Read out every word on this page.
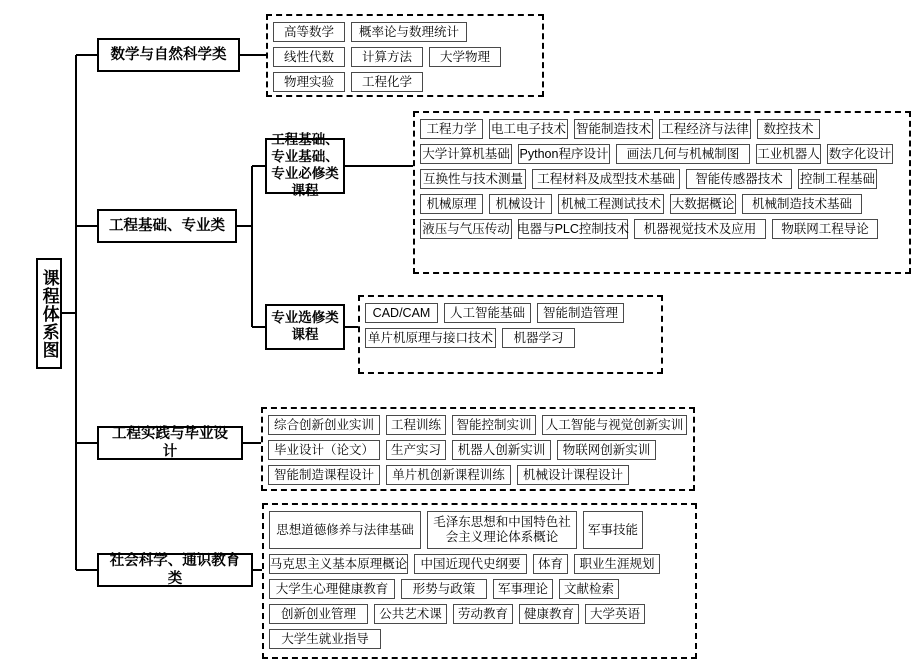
课程体系图
数学与自然科学类
高等数学	概率论与数理统计
线性代数	计算方法	大学物理
物理实验	工程化学
工程基础、专业类
工程基础、专业基础、专业必修类课程
工程力学	电工电子技术 智能制造技术 工程经济与法律	数控技术
大学计算机基础 Python程序设计	画法几何与机械制图	工业机器人 数字化设计
互换性与技术测量	工程材料及成型技术基础	智能传感器技术	控制工程基础
机械原理	机械设计	机械工程测试技术 大数据概论	机械制造技术基础
液压与气压传动 电器与PLC控制技术	机器视觉技术及应用	物联网工程导论
专业选修类课程
CAD/CAM	人工智能基础	智能制造管理
单片机原理与接口技术	机器学习
工程实践与毕业设计
综合创新创业实训	工程训练	智能控制实训	人工智能与视觉创新实训
毕业设计（论文）	生产实习	机器人创新实训	物联网创新实训
智能制造课程设计	单片机创新课程训练	机械设计课程设计
社会科学、通识教育类
思想道德修养与法律基础
毛泽东思想和中国特色社会主义理论体系概论
军事技能
马克思主义基本原理概论	中国近现代史纲要	体育	职业生涯规划
大学生心理健康教育	形势与政策	军事理论	文献检索
创新创业管理	公共艺术课	劳动教育	健康教育	大学英语
大学生就业指导
